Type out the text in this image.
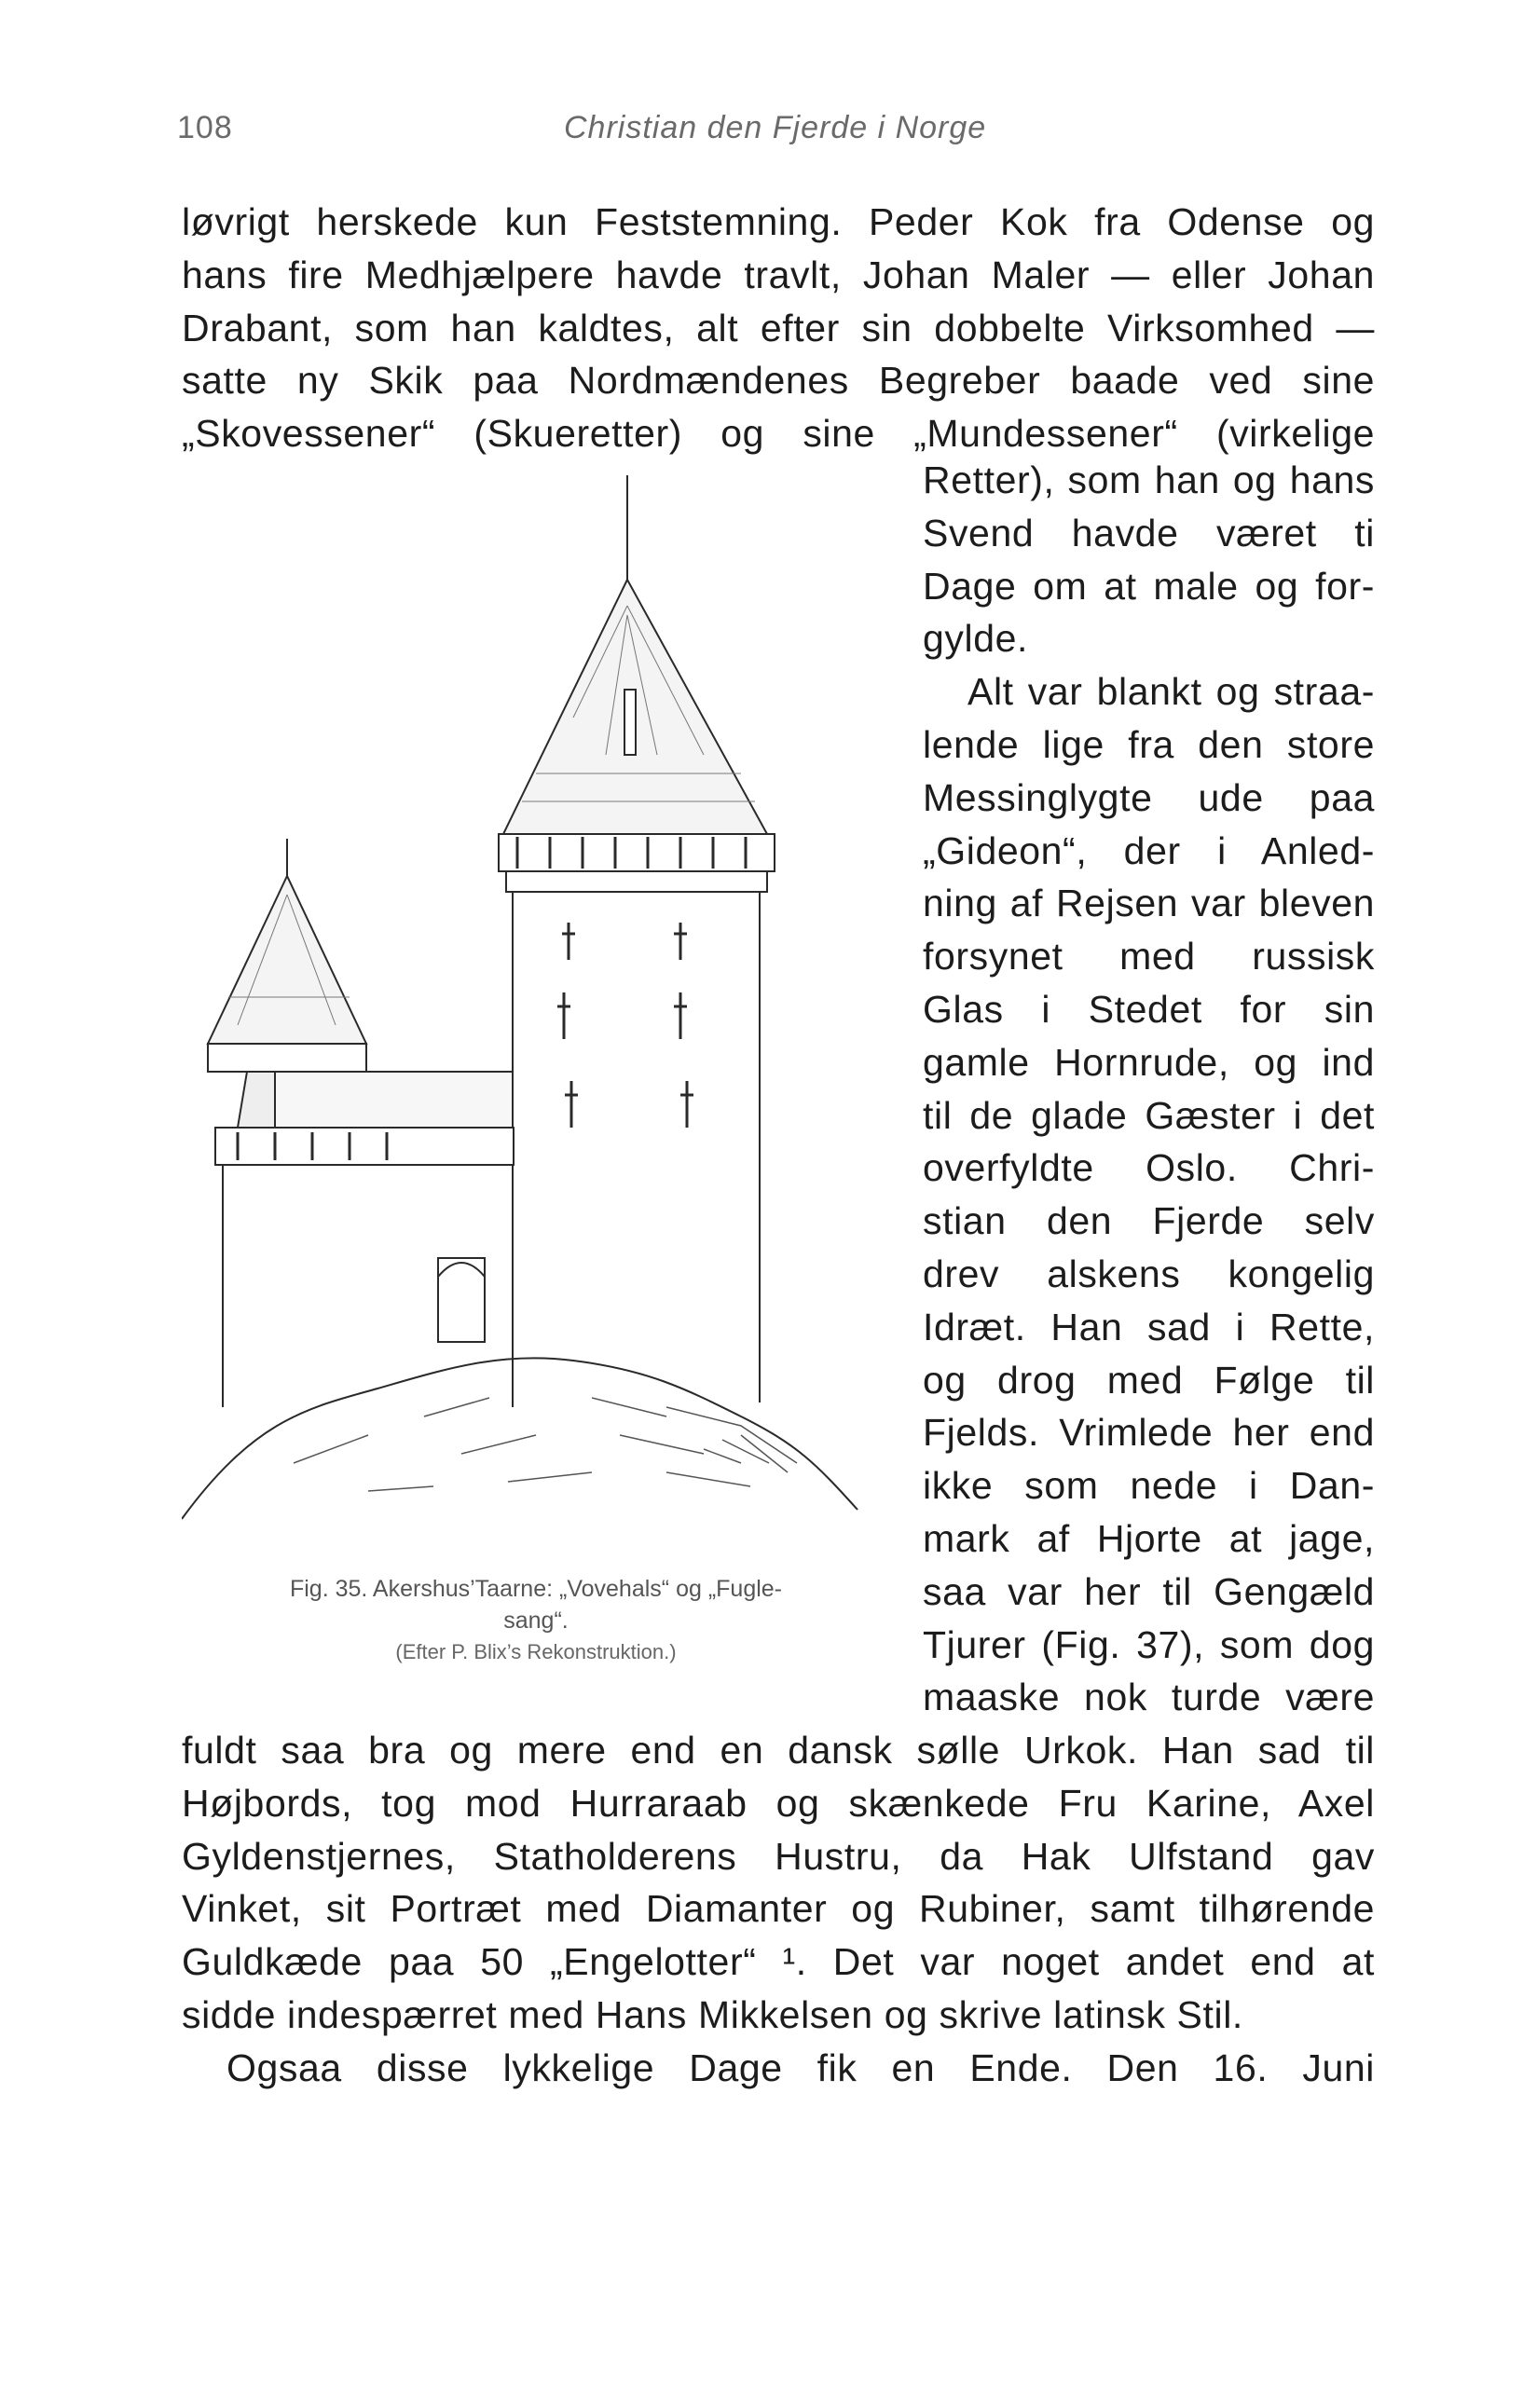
108	Christian den Fjerde i Norge
løvrigt herskede kun Feststemning. Peder Kok fra Odense og
hans fire Medhjælpere havde travlt, Johan Maler — eller Johan
Drabant, som han kaldtes, alt efter sin dobbelte Virksomhed —
satte ny Skik paa Nordmændenes Begreber baade ved sine
„Skovessener“ (Skueretter) og sine „Mundessener“ (virkelige
Fig. 35. Akershus’Taarne: „Vovehals“ og „Fugle-
sang“.
(Efter P. Blix’s Rekonstruktion.)
Retter), som han og hans
Svend havde været ti
Dage om at male og for-
gylde.
Alt var blankt og straa-
lende lige fra den store
Messinglygte ude paa
„Gideon“, der i Anled-
ning af Rejsen var bleven
forsynet med russisk
Glas i Stedet for sin
gamle Hornrude, og ind
til de glade Gæster i det
overfyldte Oslo. Chri-
stian den Fjerde selv
drev alskens kongelig
Idræt. Han sad i Rette,
og drog med Følge til
Fjelds. Vrimlede her end
ikke som nede i Dan-
mark af Hjorte at jage,
saa var her til Gengæld
Tjurer (Fig. 37), som dog
maaske nok turde være
fuldt saa bra og mere end en dansk sølle Urkok. Han sad til
Højbords, tog mod Hurraraab og skænkede Fru Karine, Axel
Gyldenstjernes, Statholderens Hustru, da Hak Ulfstand gav
Vinket, sit Portræt med Diamanter og Rubiner, samt tilhørende
Guldkæde paa 50 „Engelotter“ ¹. Det var noget andet end at
sidde indespærret med Hans Mikkelsen og skrive latinsk Stil.
Ogsaa disse lykkelige Dage fik en Ende. Den 16. Juni
